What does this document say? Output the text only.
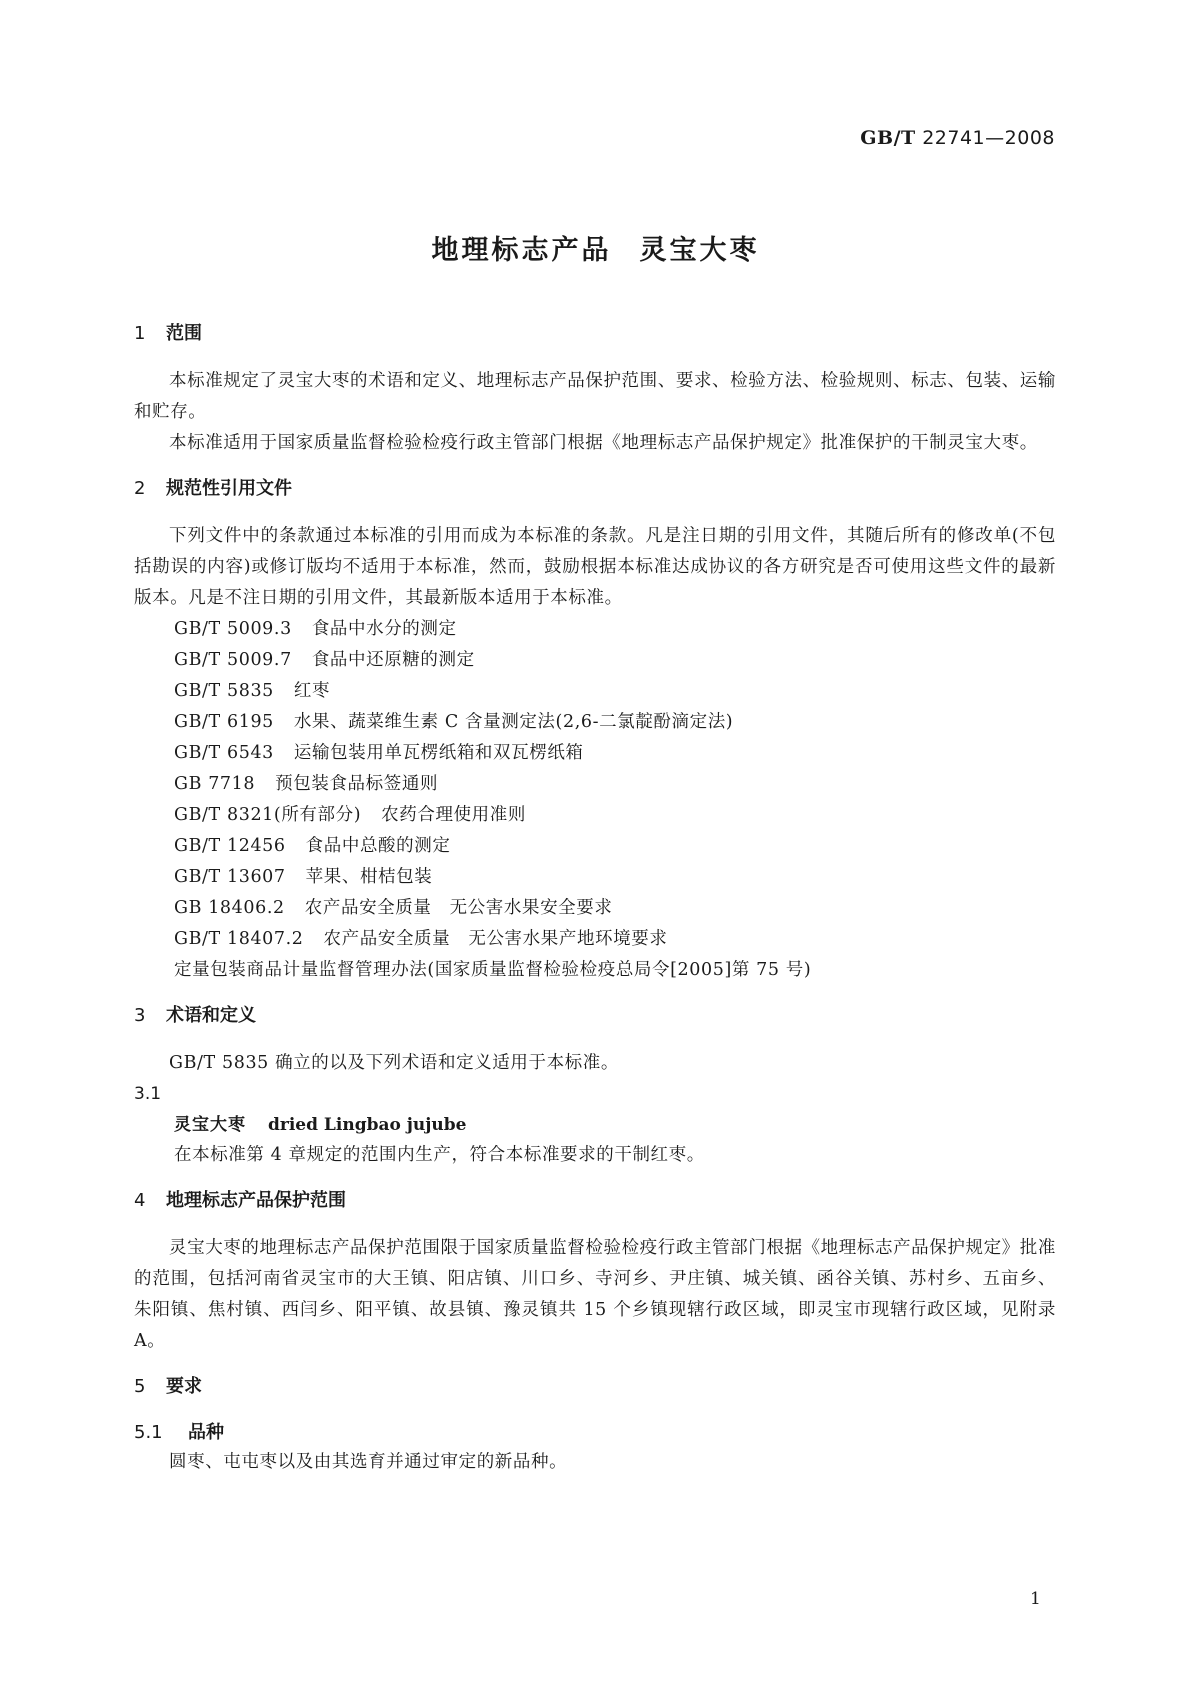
GB/T 22741—2008
地理标志产品 灵宝大枣
1 范围

本标准规定了灵宝大枣的术语和定义、地理标志产品保护范围、要求、检验方法、检验规则、标志、包装、运输和贮存。

本标准适用于国家质量监督检验检疫行政主管部门根据《地理标志产品保护规定》批准保护的干制灵宝大枣。

2 规范性引用文件

下列文件中的条款通过本标准的引用而成为本标准的条款。凡是注日期的引用文件，其随后所有的修改单(不包括勘误的内容)或修订版均不适用于本标准，然而，鼓励根据本标准达成协议的各方研究是否可使用这些文件的最新版本。凡是不注日期的引用文件，其最新版本适用于本标准。

GB/T 5009.3 食品中水分的测定
GB/T 5009.7 食品中还原糖的测定
GB/T 5835 红枣
GB/T 6195 水果、蔬菜维生素 C 含量测定法(2,6-二氯靛酚滴定法)
GB/T 6543 运输包装用单瓦楞纸箱和双瓦楞纸箱
GB 7718 预包装食品标签通则
GB/T 8321(所有部分) 农药合理使用准则
GB/T 12456 食品中总酸的测定
GB/T 13607 苹果、柑桔包装
GB 18406.2 农产品安全质量　无公害水果安全要求
GB/T 18407.2 农产品安全质量　无公害水果产地环境要求
定量包装商品计量监督管理办法(国家质量监督检验检疫总局令[2005]第 75 号)
3 术语和定义

GB/T 5835 确立的以及下列术语和定义适用于本标准。

3.1
灵宝大枣 dried Lingbao jujube
在本标准第 4 章规定的范围内生产，符合本标准要求的干制红枣。
4 地理标志产品保护范围

灵宝大枣的地理标志产品保护范围限于国家质量监督检验检疫行政主管部门根据《地理标志产品保护规定》批准的范围，包括河南省灵宝市的大王镇、阳店镇、川口乡、寺河乡、尹庄镇、城关镇、函谷关镇、苏村乡、五亩乡、朱阳镇、焦村镇、西闫乡、阳平镇、故县镇、豫灵镇共 15 个乡镇现辖行政区域，即灵宝市现辖行政区域，见附录 A。

5 要求
5.1 品种

圆枣、屯屯枣以及由其选育并通过审定的新品种。

1
